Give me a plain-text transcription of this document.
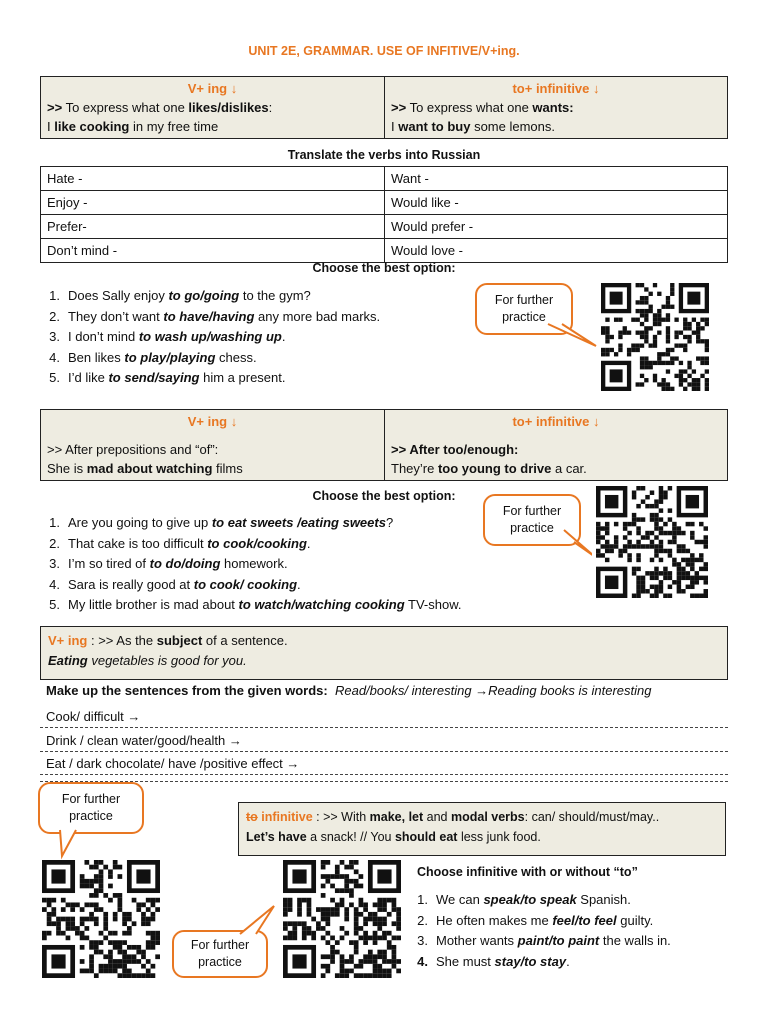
UNIT 2E, GRAMMAR. USE OF INFITIVE/V+ing.
V+ ing ↓
>> To express what one likes/dislikes:
I like cooking in my free time

to+ infinitive ↓
>> To express what one wants:
I want to buy some lemons.
Translate the verbs into Russian
Hate -	Want -
Enjoy -	Would like -
Prefer-	Would prefer -
Don’t mind -	Would love -
Choose the best option:
1. Does Sally enjoy to go/going to the gym?
2. They don’t want to have/having any more bad marks.
3. I don’t mind to wash up/washing up.
4. Ben likes to play/playing chess.
5. I’d like to send/saying him a present.
For further practice
V+ ing ↓
>> After prepositions and “of”:
She is mad about watching films

to+ infinitive ↓
>> After too/enough:
They’re too young to drive a car.
Choose the best option:
1. Are you going to give up to eat sweets /eating sweets?
2. That cake is too difficult to cook/cooking.
3. I’m so tired of to do/doing homework.
4. Sara is really good at to cook/ cooking.
5. My little brother is mad about to watch/watching cooking TV-show.
For further practice
V+ ing : >> As the subject of a sentence.
Eating vegetables is good for you.
Make up the sentences from the given words: Read/books/ interesting →Reading books is interesting
Cook/ difficult →
Drink / clean water/good/health →
Eat / dark chocolate/ have /positive effect →
For further practice
For further practice
to infinitive : >> With make, let and modal verbs: can/ should/must/may..
Let’s have a snack! // You should eat less junk food.
Choose infinitive with or without “to”
1. We can speak/to speak Spanish.
2. He often makes me feel/to feel guilty.
3. Mother wants paint/to paint the walls in.
4. She must stay/to stay.
